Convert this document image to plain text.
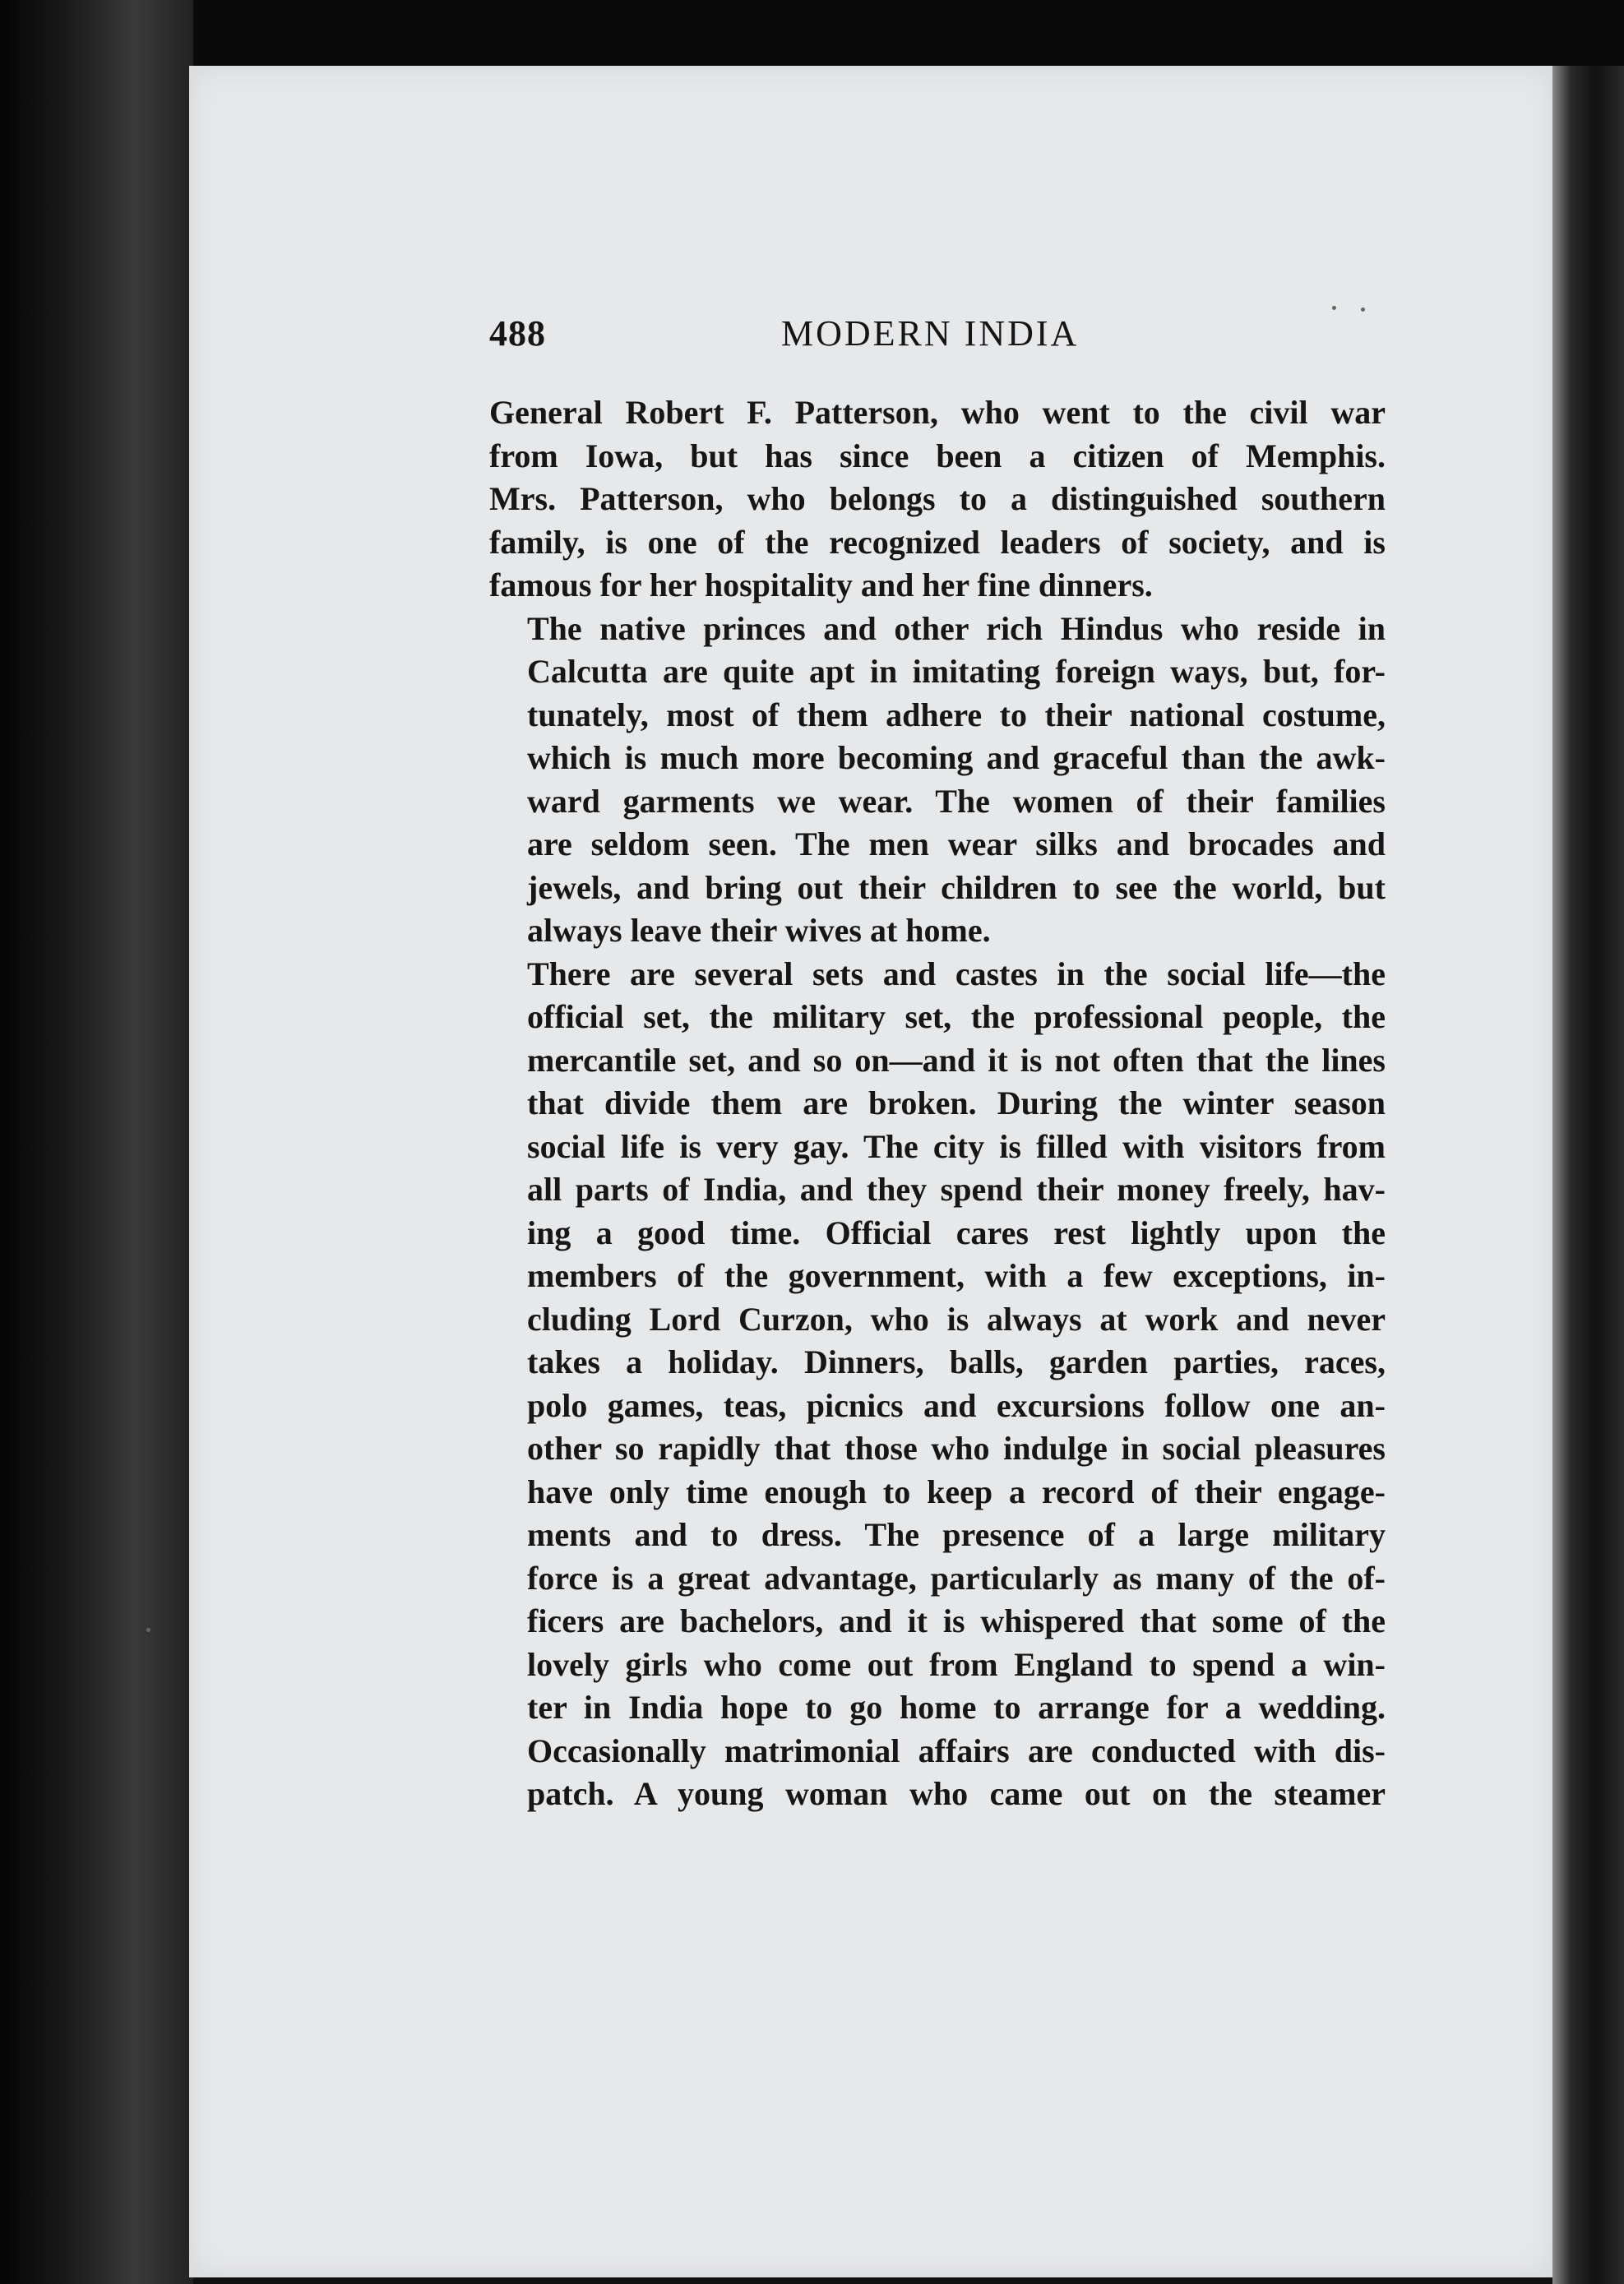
488	MODERN INDIA

General Robert F. Patterson, who went to the civil war
from Iowa, but has since been a citizen of Memphis.
Mrs. Patterson, who belongs to a distinguished southern
family, is one of the recognized leaders of society, and is
famous for her hospitality and her fine dinners.

The native princes and other rich Hindus who reside in
Calcutta are quite apt in imitating foreign ways, but, for-
tunately, most of them adhere to their national costume,
which is much more becoming and graceful than the awk-
ward garments we wear. The women of their families
are seldom seen. The men wear silks and brocades and
jewels, and bring out their children to see the world, but
always leave their wives at home.

There are several sets and castes in the social life—the
official set, the military set, the professional people, the
mercantile set, and so on—and it is not often that the lines
that divide them are broken. During the winter season
social life is very gay. The city is filled with visitors from
all parts of India, and they spend their money freely, hav-
ing a good time. Official cares rest lightly upon the
members of the government, with a few exceptions, in-
cluding Lord Curzon, who is always at work and never
takes a holiday. Dinners, balls, garden parties, races,
polo games, teas, picnics and excursions follow one an-
other so rapidly that those who indulge in social pleasures
have only time enough to keep a record of their engage-
ments and to dress. The presence of a large military
force is a great advantage, particularly as many of the of-
ficers are bachelors, and it is whispered that some of the
lovely girls who come out from England to spend a win-
ter in India hope to go home to arrange for a wedding.
Occasionally matrimonial affairs are conducted with dis-
patch. A young woman who came out on the steamer
